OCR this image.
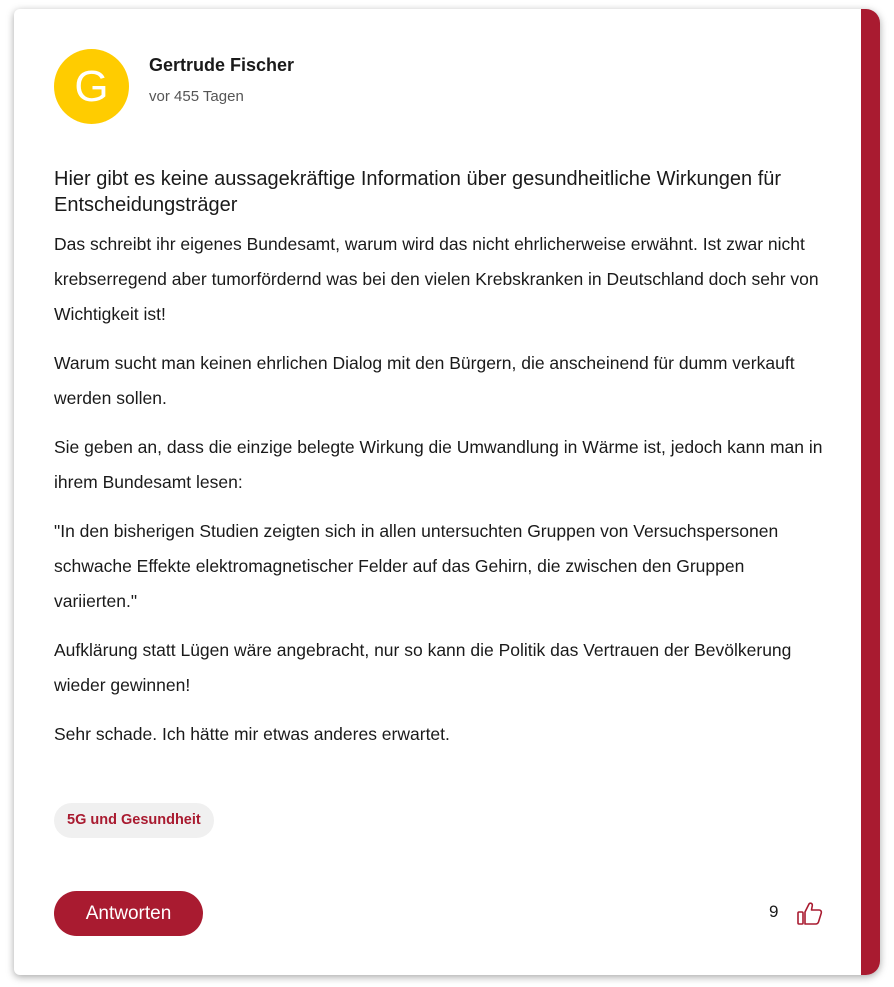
G	Gertrude Fischer
vor 455 Tagen
Hier gibt es keine aussagekräftige Information über gesundheitliche Wirkungen für Entscheidungsträger

Das schreibt ihr eigenes Bundesamt, warum wird das nicht ehrlicherweise erwähnt. Ist zwar nicht krebserregend aber tumorfördernd was bei den vielen Krebskranken in Deutschland doch sehr von Wichtigkeit ist!

Warum sucht man keinen ehrlichen Dialog mit den Bürgern, die anscheinend für dumm verkauft werden sollen.

Sie geben an, dass die einzige belegte Wirkung die Umwandlung in Wärme ist, jedoch kann man in ihrem Bundesamt lesen:

"In den bisherigen Studien zeigten sich in allen untersuchten Gruppen von Versuchspersonen schwache Effekte elektromagnetischer Felder auf das Gehirn, die zwischen den Gruppen variierten."

Aufklärung statt Lügen wäre angebracht, nur so kann die Politik das Vertrauen der Bevölkerung wieder gewinnen!

Sehr schade. Ich hätte mir etwas anderes erwartet.

5G und Gesundheit
Antworten	9
